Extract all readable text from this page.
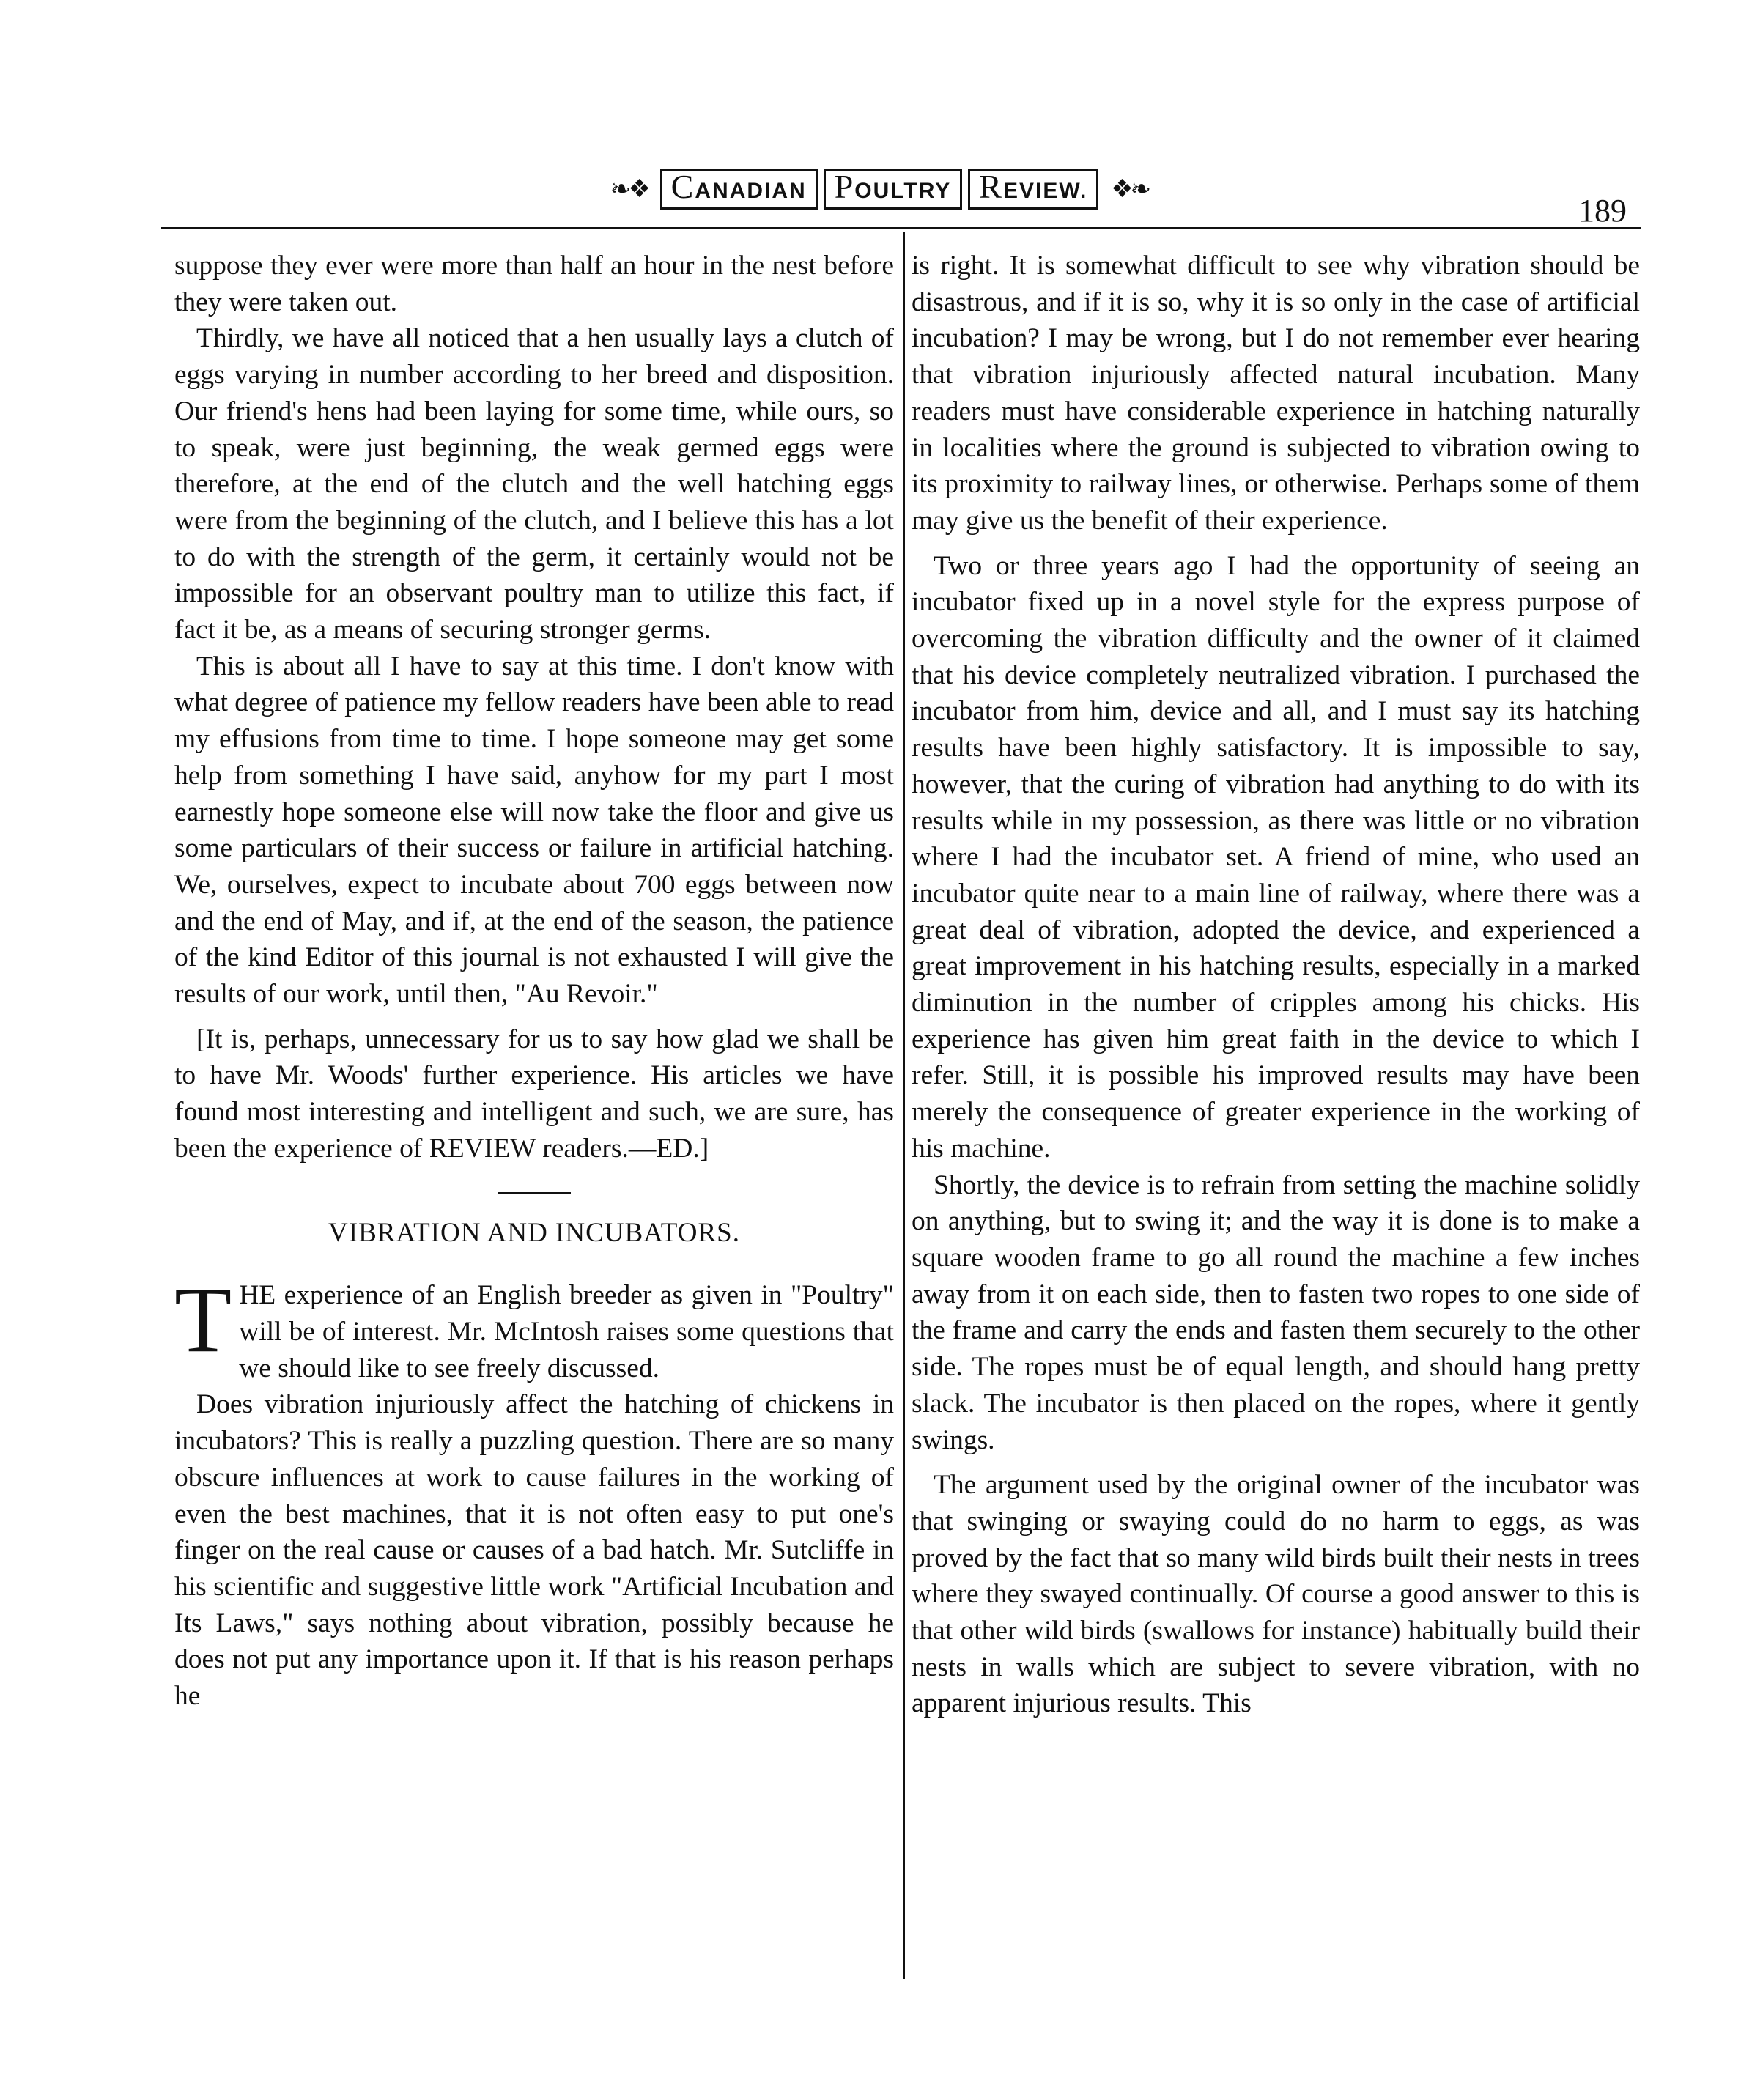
❧❖ CANADIAN POULTRY REVIEW. ❖❧
189

suppose they ever were more than half an hour in the nest before they were taken out.

Thirdly, we have all noticed that a hen usually lays a clutch of eggs varying in number according to her breed and disposition. Our friend's hens had been laying for some time, while ours, so to speak, were just beginning, the weak germed eggs were therefore, at the end of the clutch and the well hatching eggs were from the beginning of the clutch, and I believe this has a lot to do with the strength of the germ, it certainly would not be impossible for an observant poultry man to utilize this fact, if fact it be, as a means of securing stronger germs.

This is about all I have to say at this time. I don't know with what degree of patience my fellow readers have been able to read my effusions from time to time. I hope someone may get some help from something I have said, anyhow for my part I most earnestly hope someone else will now take the floor and give us some particulars of their success or failure in artificial hatching. We, ourselves, expect to incubate about 700 eggs between now and the end of May, and if, at the end of the season, the patience of the kind Editor of this journal is not exhausted I will give the results of our work, until then, "Au Revoir."

[It is, perhaps, unnecessary for us to say how glad we shall be to have Mr. Woods' further experience. His articles we have found most interesting and intelligent and such, we are sure, has been the experience of REVIEW readers.—ED.]

VIBRATION AND INCUBATORS.

THE experience of an English breeder as given in "Poultry" will be of interest. Mr. McIntosh raises some questions that we should like to see freely discussed.

Does vibration injuriously affect the hatching of chickens in incubators? This is really a puzzling question. There are so many obscure influences at work to cause failures in the working of even the best machines, that it is not often easy to put one's finger on the real cause or causes of a bad hatch. Mr. Sutcliffe in his scientific and suggestive little work "Artificial Incubation and Its Laws," says nothing about vibration, possibly because he does not put any importance upon it. If that is his reason perhaps he

is right. It is somewhat difficult to see why vibration should be disastrous, and if it is so, why it is so only in the case of artificial incubation? I may be wrong, but I do not remember ever hearing that vibration injuriously affected natural incubation. Many readers must have considerable experience in hatching naturally in localities where the ground is subjected to vibration owing to its proximity to railway lines, or otherwise. Perhaps some of them may give us the benefit of their experience.

Two or three years ago I had the opportunity of seeing an incubator fixed up in a novel style for the express purpose of overcoming the vibration difficulty and the owner of it claimed that his device completely neutralized vibration. I purchased the incubator from him, device and all, and I must say its hatching results have been highly satisfactory. It is impossible to say, however, that the curing of vibration had anything to do with its results while in my possession, as there was little or no vibration where I had the incubator set. A friend of mine, who used an incubator quite near to a main line of railway, where there was a great deal of vibration, adopted the device, and experienced a great improvement in his hatching results, especially in a marked diminution in the number of cripples among his chicks. His experience has given him great faith in the device to which I refer. Still, it is possible his improved results may have been merely the consequence of greater experience in the working of his machine.

Shortly, the device is to refrain from setting the machine solidly on anything, but to swing it; and the way it is done is to make a square wooden frame to go all round the machine a few inches away from it on each side, then to fasten two ropes to one side of the frame and carry the ends and fasten them securely to the other side. The ropes must be of equal length, and should hang pretty slack. The incubator is then placed on the ropes, where it gently swings.

The argument used by the original owner of the incubator was that swinging or swaying could do no harm to eggs, as was proved by the fact that so many wild birds built their nests in trees where they swayed continually. Of course a good answer to this is that other wild birds (swallows for instance) habitually build their nests in walls which are subject to severe vibration, with no apparent injurious results. This
